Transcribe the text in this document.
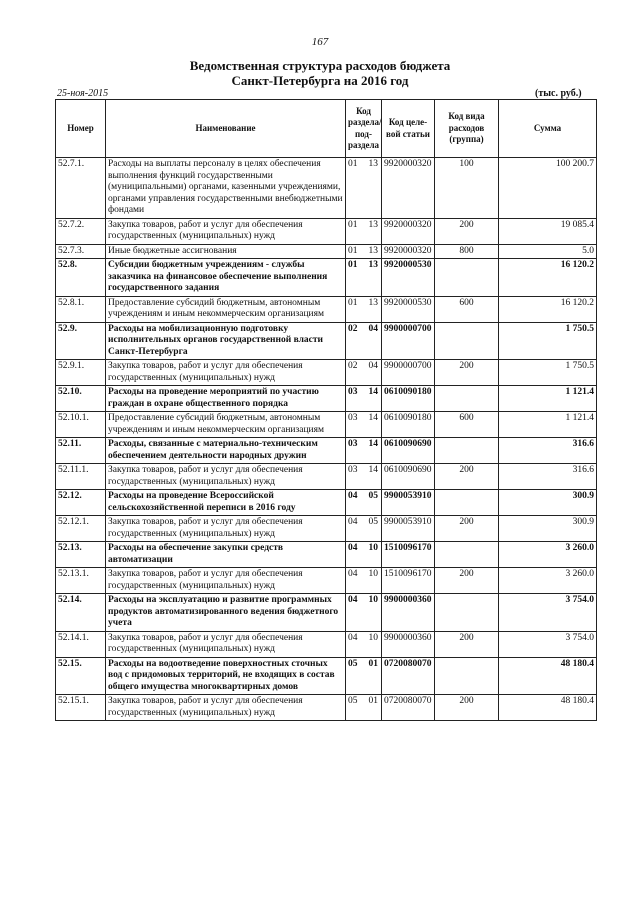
167
Ведомственная структура расходов бюджета
Санкт-Петербурга на 2016 год
25-ноя-2015	(тыс. руб.)
Номер	Наименование	Код раздела/ под-раздела	Код целе-вой статьи	Код вида расходов (группа)	Сумма
52.7.1.	Расходы на выплаты персоналу в целях обеспечения выполнения функций государственными (муниципальными) органами, казенными учреждениями, органами управления государственными внебюджетными фондами	01 13	9920000320	100	100 200.7
52.7.2.	Закупка товаров, работ и услуг для обеспечения государственных (муниципальных) нужд	01 13	9920000320	200	19 085.4
52.7.3.	Иные бюджетные ассигнования	01 13	9920000320	800	5.0
52.8.	Субсидии бюджетным учреждениям - службы заказчика на финансовое обеспечение выполнения государственного задания	01 13	9920000530		16 120.2
52.8.1.	Предоставление субсидий бюджетным, автономным учреждениям и иным некоммерческим организациям	01 13	9920000530	600	16 120.2
52.9.	Расходы на мобилизационную подготовку исполнительных органов государственной власти Санкт-Петербурга	02 04	9900000700		1 750.5
52.9.1.	Закупка товаров, работ и услуг для обеспечения государственных (муниципальных) нужд	02 04	9900000700	200	1 750.5
52.10.	Расходы на проведение мероприятий по участию граждан в охране общественного порядка	03 14	0610090180		1 121.4
52.10.1.	Предоставление субсидий бюджетным, автономным учреждениям и иным некоммерческим организациям	03 14	0610090180	600	1 121.4
52.11.	Расходы, связанные с материально-техническим обеспечением деятельности народных дружин	03 14	0610090690		316.6
52.11.1.	Закупка товаров, работ и услуг для обеспечения государственных (муниципальных) нужд	03 14	0610090690	200	316.6
52.12.	Расходы на проведение Всероссийской сельскохозяйственной переписи в 2016 году	04 05	9900053910		300.9
52.12.1.	Закупка товаров, работ и услуг для обеспечения государственных (муниципальных) нужд	04 05	9900053910	200	300.9
52.13.	Расходы на обеспечение закупки средств автоматизации	04 10	1510096170		3 260.0
52.13.1.	Закупка товаров, работ и услуг для обеспечения государственных (муниципальных) нужд	04 10	1510096170	200	3 260.0
52.14.	Расходы на эксплуатацию и развитие программных продуктов автоматизированного ведения бюджетного учета	04 10	9900000360		3 754.0
52.14.1.	Закупка товаров, работ и услуг для обеспечения государственных (муниципальных) нужд	04 10	9900000360	200	3 754.0
52.15.	Расходы на водоотведение поверхностных сточных вод с придомовых территорий, не входящих в состав общего имущества многоквартирных домов	05 01	0720080070		48 180.4
52.15.1.	Закупка товаров, работ и услуг для обеспечения государственных (муниципальных) нужд	05 01	0720080070	200	48 180.4
